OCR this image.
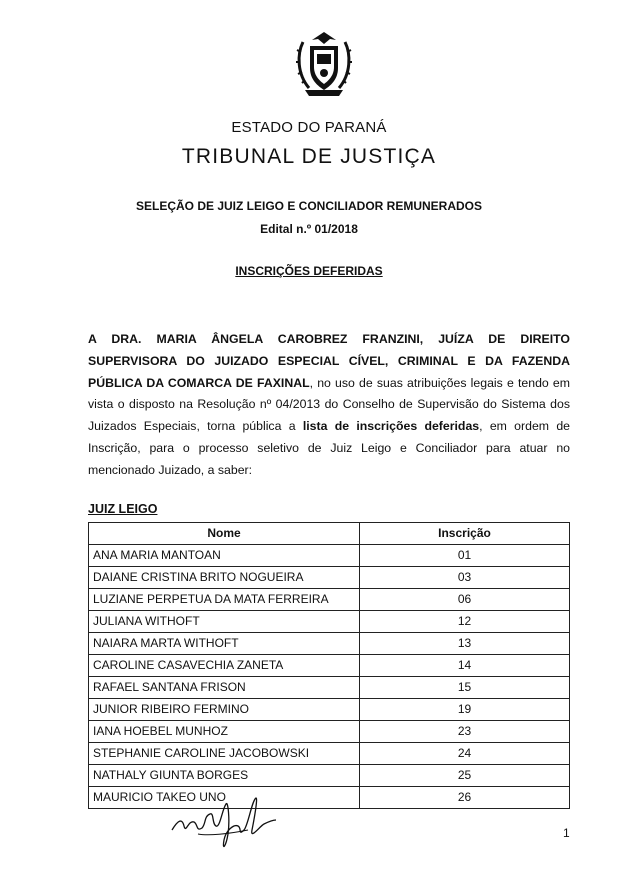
ESTADO DO PARANÁ
TRIBUNAL DE JUSTIÇA
SELEÇÃO DE JUIZ LEIGO E CONCILIADOR REMUNERADOS
Edital n.º 01/2018
INSCRIÇÕES DEFERIDAS

A DRA. MARIA ÂNGELA CAROBREZ FRANZINI, JUÍZA DE DIREITO SUPERVISORA DO JUIZADO ESPECIAL CÍVEL, CRIMINAL E DA FAZENDA PÚBLICA DA COMARCA DE FAXINAL, no uso de suas atribuições legais e tendo em vista o disposto na Resolução nº 04/2013 do Conselho de Supervisão do Sistema dos Juizados Especiais, torna pública a lista de inscrições deferidas, em ordem de Inscrição, para o processo seletivo de Juiz Leigo e Conciliador para atuar no mencionado Juizado, a saber:

JUIZ LEIGO
Nome	Inscrição
ANA MARIA MANTOAN	01
DAIANE CRISTINA BRITO NOGUEIRA	03
LUZIANE PERPETUA DA MATA FERREIRA	06
JULIANA WITHOFT	12
NAIARA MARTA WITHOFT	13
CAROLINE CASAVECHIA ZANETA	14
RAFAEL SANTANA FRISON	15
JUNIOR RIBEIRO FERMINO	19
IANA HOEBEL MUNHOZ	23
STEPHANIE CAROLINE JACOBOWSKI	24
NATHALY GIUNTA BORGES	25
MAURICIO TAKEO UNO	26
1
